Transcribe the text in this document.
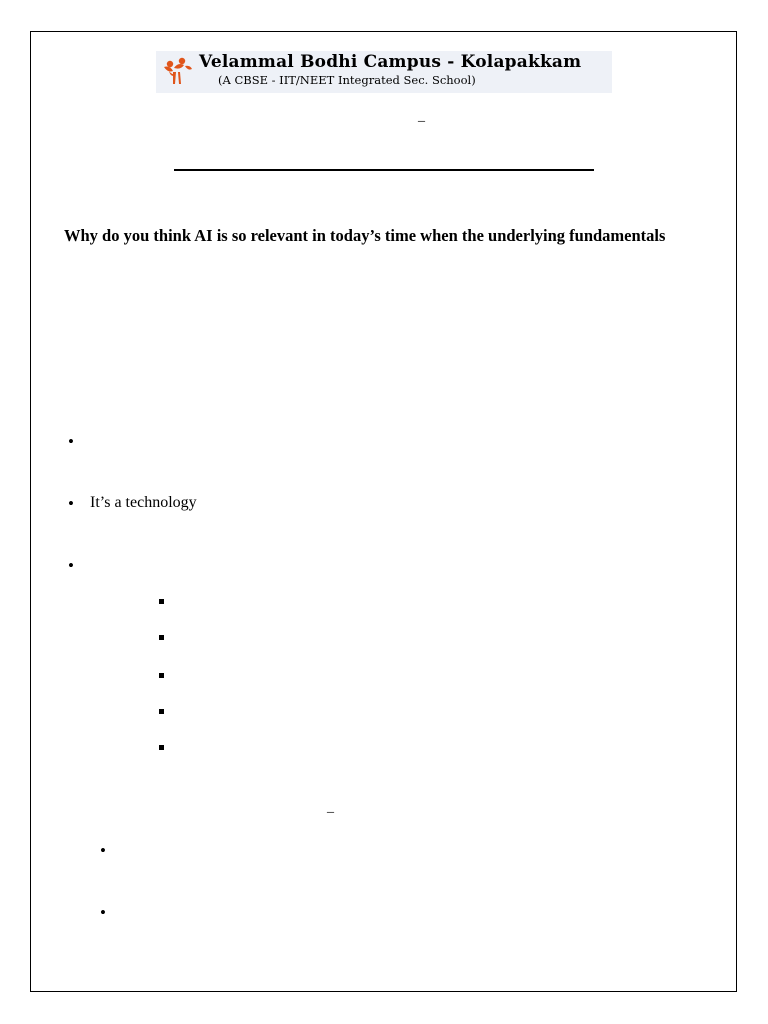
Velammal Bodhi Campus - Kolapakkam
(A CBSE - IIT/NEET Integrated Sec. School)
_
Why do you think AI is so relevant in today’s time when the underlying fundamentals
•
• It’s a technology
•
_
•
•
